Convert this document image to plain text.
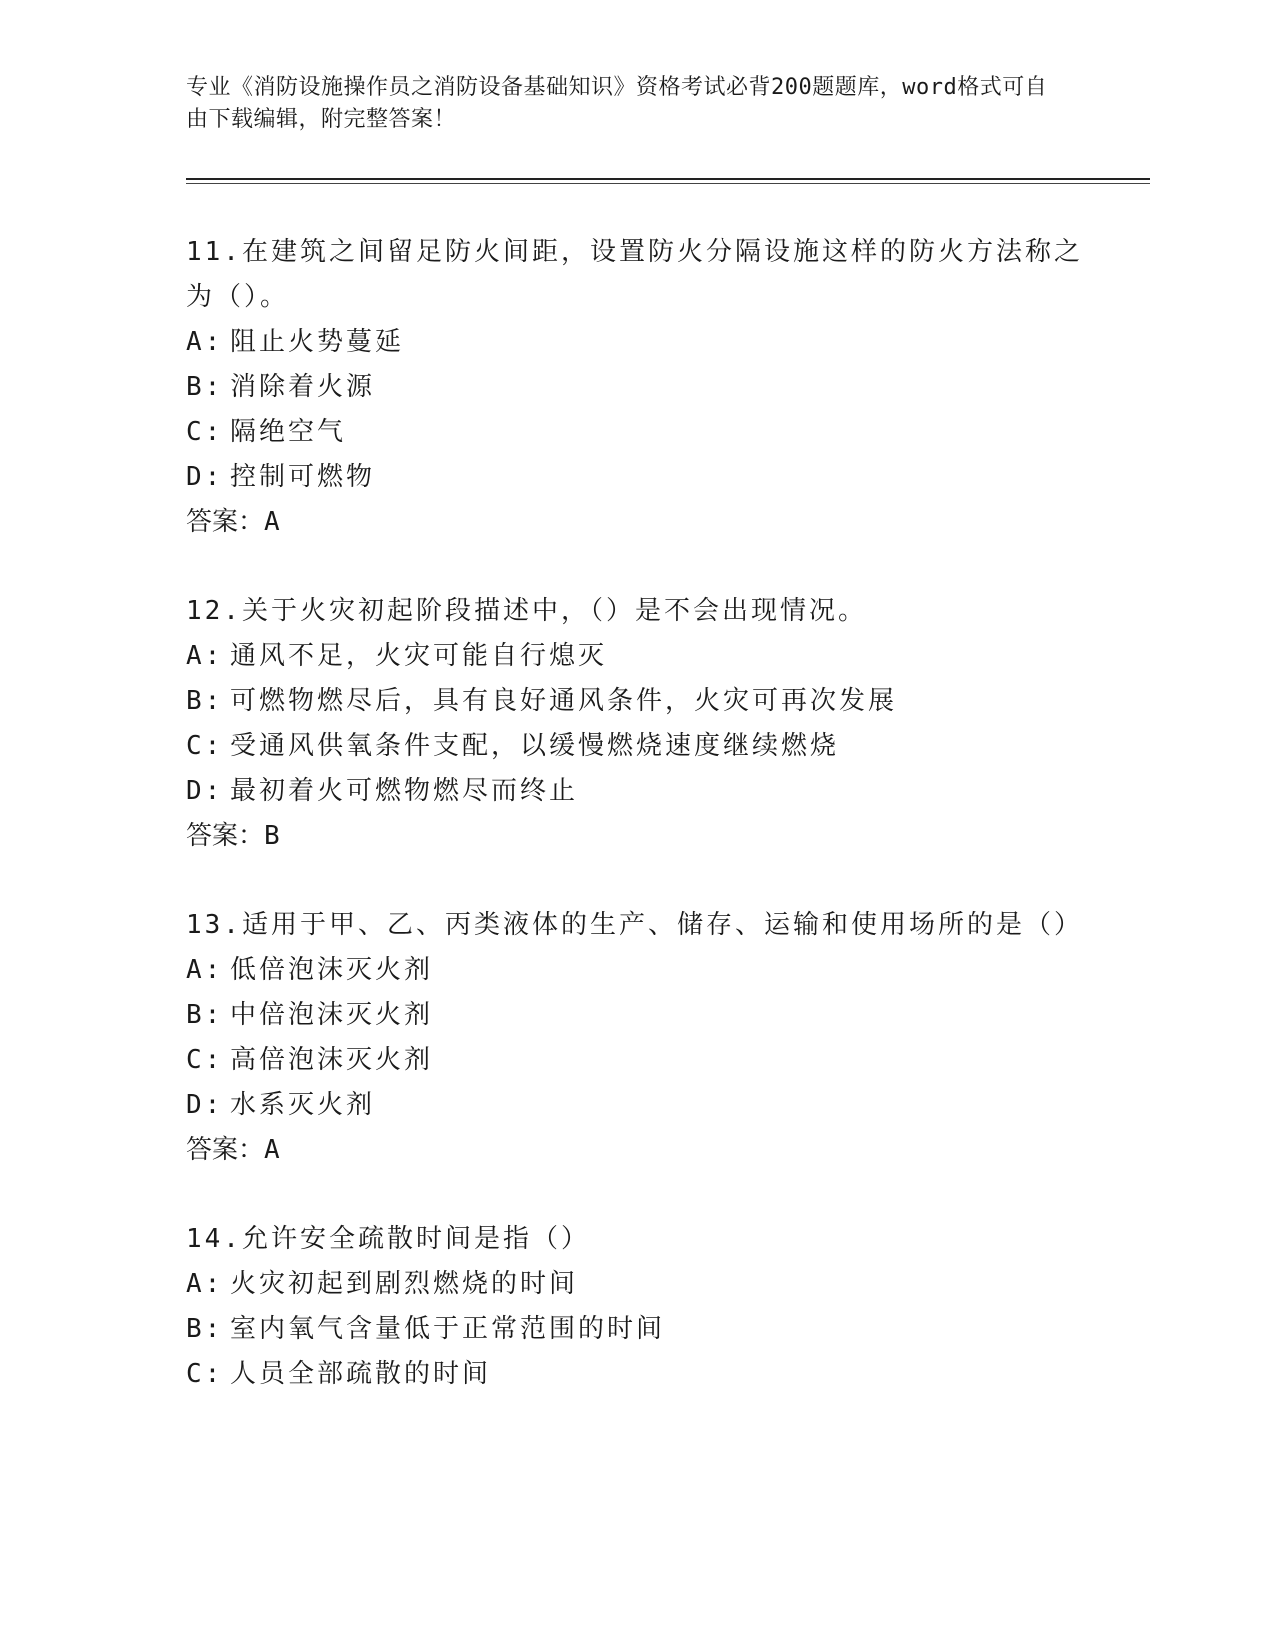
专业《消防设施操作员之消防设备基础知识》资格考试必背200题题库，word格式可自由下载编辑，附完整答案！

11.在建筑之间留足防火间距，设置防火分隔设施这样的防火方法称之为（）。

A: 阻止火势蔓延

B: 消除着火源

C: 隔绝空气

D: 控制可燃物

答案：A

12.关于火灾初起阶段描述中，（）是不会出现情况。

A: 通风不足，火灾可能自行熄灭

B: 可燃物燃尽后，具有良好通风条件，火灾可再次发展

C: 受通风供氧条件支配，以缓慢燃烧速度继续燃烧

D: 最初着火可燃物燃尽而终止

答案：B

13.适用于甲、乙、丙类液体的生产、储存、运输和使用场所的是（）

A: 低倍泡沫灭火剂

B: 中倍泡沫灭火剂

C: 高倍泡沫灭火剂

D: 水系灭火剂

答案：A

14.允许安全疏散时间是指（）

A: 火灾初起到剧烈燃烧的时间

B: 室内氧气含量低于正常范围的时间

C: 人员全部疏散的时间
